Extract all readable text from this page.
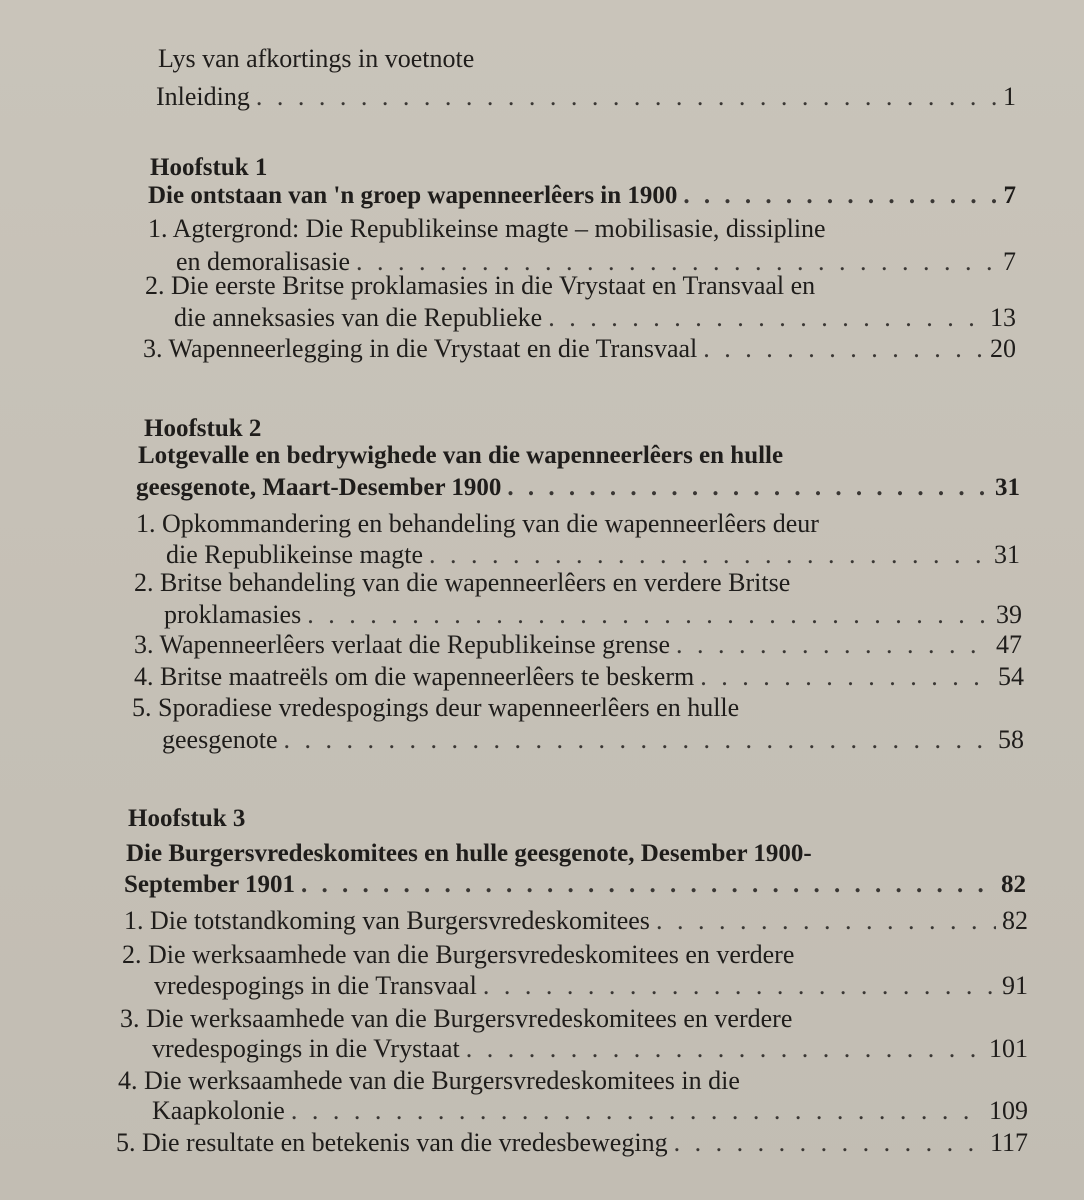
Lys van afkortings in voetnote
Inleiding . . .	1
Hoofstuk 1
Die ontstaan van 'n groep wapenneerlêers in 1900 . . .	7
1. Agtergrond: Die Republikeinse magte – mobilisasie, dissipline
en demoralisasie . . .	7
2. Die eerste Britse proklamasies in die Vrystaat en Transvaal en
die anneksasies van die Republieke . . .	13
3. Wapenneerlegging in die Vrystaat en die Transvaal . . .	20
Hoofstuk 2
Lotgevalle en bedrywighede van die wapenneerlêers en hulle
geesgenote, Maart-Desember 1900 . . .	31
1. Opkommandering en behandeling van die wapenneerlêers deur
die Republikeinse magte . . .	31
2. Britse behandeling van die wapenneerlêers en verdere Britse
proklamasies . . .	39
3. Wapenneerlêers verlaat die Republikeinse grense . . .	47
4. Britse maatreëls om die wapenneerlêers te beskerm . . .	54
5. Sporadiese vredespogings deur wapenneerlêers en hulle
geesgenote . . .	58
Hoofstuk 3
Die Burgersvredeskomitees en hulle geesgenote, Desember 1900-
September 1901 . . .	82
1. Die totstandkoming van Burgersvredeskomitees . . .	82
2. Die werksaamhede van die Burgersvredeskomitees en verdere
vredespogings in die Transvaal . . .	91
3. Die werksaamhede van die Burgersvredeskomitees en verdere
vredespogings in die Vrystaat . . .	101
4. Die werksaamhede van die Burgersvredeskomitees in die
Kaapkolonie . . .	109
5. Die resultate en betekenis van die vredesbeweging . . .	117
